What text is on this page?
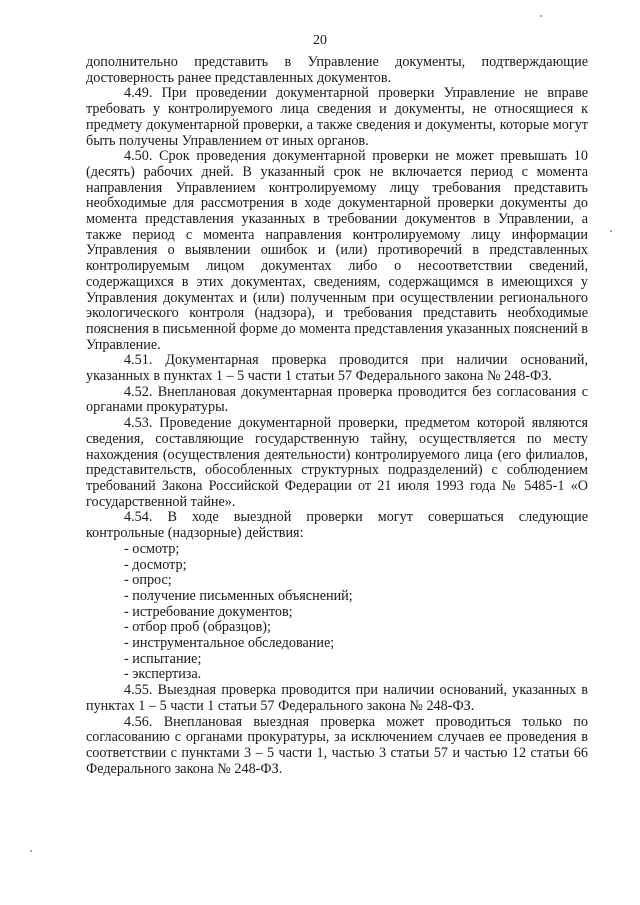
20

дополнительно представить в Управление документы, подтверждающие достоверность ранее представленных документов.

4.49. При проведении документарной проверки Управление не вправе требовать у контролируемого лица сведения и документы, не относящиеся к предмету документарной проверки, а также сведения и документы, которые могут быть получены Управлением от иных органов.

4.50. Срок проведения документарной проверки не может превышать 10 (десять) рабочих дней. В указанный срок не включается период с момента направления Управлением контролируемому лицу требования представить необходимые для рассмотрения в ходе документарной проверки документы до момента представления указанных в требовании документов в Управлении, а также период с момента направления контролируемому лицу информации Управления о выявлении ошибок и (или) противоречий в представленных контролируемым лицом документах либо о несоответствии сведений, содержащихся в этих документах, сведениям, содержащимся в имеющихся у Управления документах и (или) полученным при осуществлении регионального экологического контроля (надзора), и требования представить необходимые пояснения в письменной форме до момента представления указанных пояснений в Управление.

4.51. Документарная проверка проводится при наличии оснований, указанных в пунктах 1 – 5 части 1 статьи 57 Федерального закона № 248-ФЗ.

4.52. Внеплановая документарная проверка проводится без согласования с органами прокуратуры.

4.53. Проведение документарной проверки, предметом которой являются сведения, составляющие государственную тайну, осуществляется по месту нахождения (осуществления деятельности) контролируемого лица (его филиалов, представительств, обособленных структурных подразделений) с соблюдением требований Закона Российской Федерации от 21 июля 1993 года № 5485-1 «О государственной тайне».

4.54. В ходе выездной проверки могут совершаться следующие контрольные (надзорные) действия:

- осмотр;

- досмотр;

- опрос;

- получение письменных объяснений;

- истребование документов;

- отбор проб (образцов);

- инструментальное обследование;

- испытание;

- экспертиза.

4.55. Выездная проверка проводится при наличии оснований, указанных в пунктах 1 – 5 части 1 статьи 57 Федерального закона № 248-ФЗ.

4.56. Внеплановая выездная проверка может проводиться только по согласованию с органами прокуратуры, за исключением случаев ее проведения в соответствии с пунктами 3 – 5 части 1, частью 3 статьи 57 и частью 12 статьи 66 Федерального закона № 248-ФЗ.
